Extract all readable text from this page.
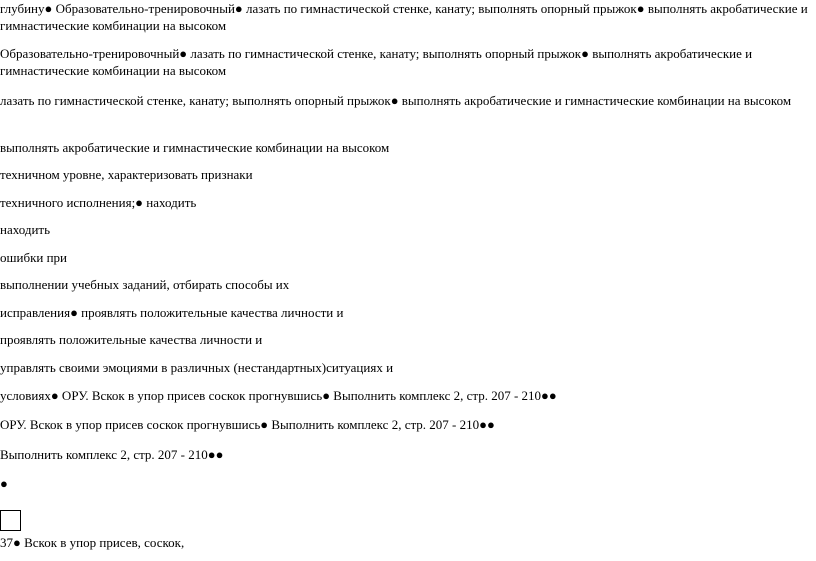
глубину● Образовательно-тренировочный● лазать по гимнастической стенке, канату; выполнять опорный прыжок● выполнять акробатические и гимнастические комбинации на высоком
Образовательно-тренировочный● лазать по гимнастической стенке, канату; выполнять опорный прыжок● выполнять акробатические и гимнастические комбинации на высоком
лазать по гимнастической стенке, канату; выполнять опорный прыжок● выполнять акробатические и гимнастические комбинации на высоком
выполнять акробатические и гимнастические комбинации на высоком
техничном уровне, характеризовать признаки
техничного исполнения;● находить
находить
ошибки при
выполнении учебных заданий, отбирать способы их
исправления● проявлять положительные качества личности и
проявлять положительные качества личности и
управлять своими эмоциями в различных (нестандартных)ситуациях и
условиях● ОРУ. Вскок в упор присев соскок прогнувшись● Выполнить комплекс 2, стр. 207 - 210●●
ОРУ. Вскок в упор присев соскок прогнувшись● Выполнить комплекс 2, стр. 207 - 210●●
Выполнить комплекс 2, стр. 207 - 210●●
●
37● Вскок в упор присев, соскок,
